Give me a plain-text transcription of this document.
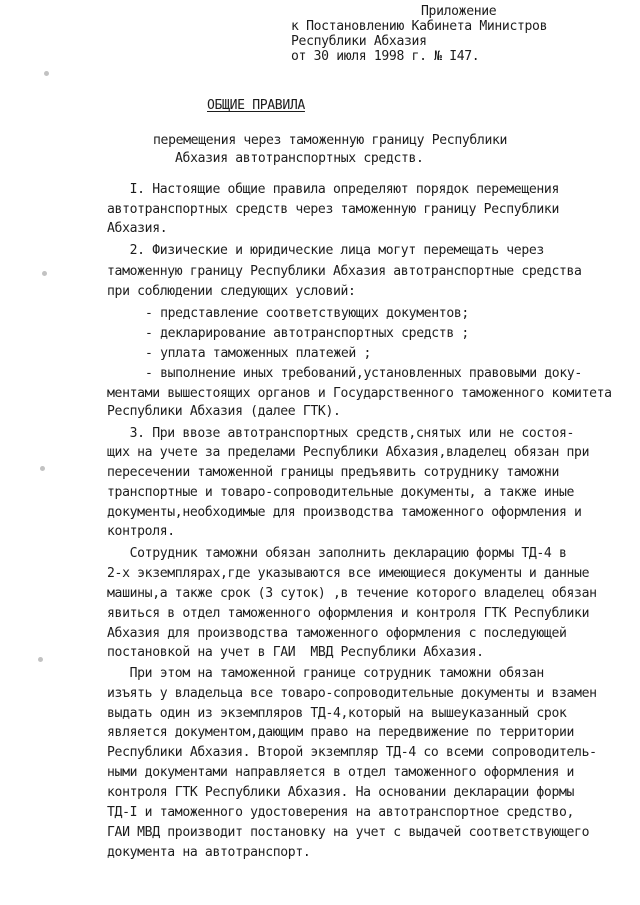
Приложение
к Постановлению Кабинета Министров
Республики Абхазия
от 30 июля 1998 г. № I47.
ОБЩИЕ ПРАВИЛА
перемещения через таможенную границу Республики
Абхазия автотранспортных средств.
I. Настоящие общие правила определяют порядок перемещения
автотранспортных средств через таможенную границу Республики
Абхазия.
2. Физические и юридические лица могут перемещать через
таможенную границу Республики Абхазия автотранспортные средства
при соблюдении следующих условий:
- представление соответствующих документов;
- декларирование автотранспортных средств ;
- уплата таможенных платежей ;
- выполнение иных требований,установленных правовыми доку-
ментами вышестоящих органов и Государственного таможенного комитета
Республики Абхазия (далее ГТК).
3. При ввозе автотранспортных средств,снятых или не состоя-
щих на учете за пределами Республики Абхазия,владелец обязан при
пересечении таможенной границы предъявить сотруднику таможни
транспортные и товаро-сопроводительные документы, а также иные
документы,необходимые для производства таможенного оформления и
контроля.
Сотрудник таможни обязан заполнить декларацию формы ТД-4 в
2-х экземплярах,где указываются все имеющиеся документы и данные
машины,а также срок (3 суток) ,в течение которого владелец обязан
явиться в отдел таможенного оформления и контроля ГТК Республики
Абхазия для производства таможенного оформления с последующей
постановкой на учет в ГАИ  МВД Республики Абхазия.
При этом на таможенной границе сотрудник таможни обязан
изъять у владельца все товаро-сопроводительные документы и взамен
выдать один из экземпляров ТД-4,который на вышеуказанный срок
является документом,дающим право на передвижение по территории
Республики Абхазия. Второй экземпляр ТД-4 со всеми сопроводитель-
ными документами направляется в отдел таможенного оформления и
контроля ГТК Республики Абхазия. На основании декларации формы
ТД-I и таможенного удостоверения на автотранспортное средство,
ГАИ МВД производит постановку на учет с выдачей соответствующего
документа на автотранспорт.
